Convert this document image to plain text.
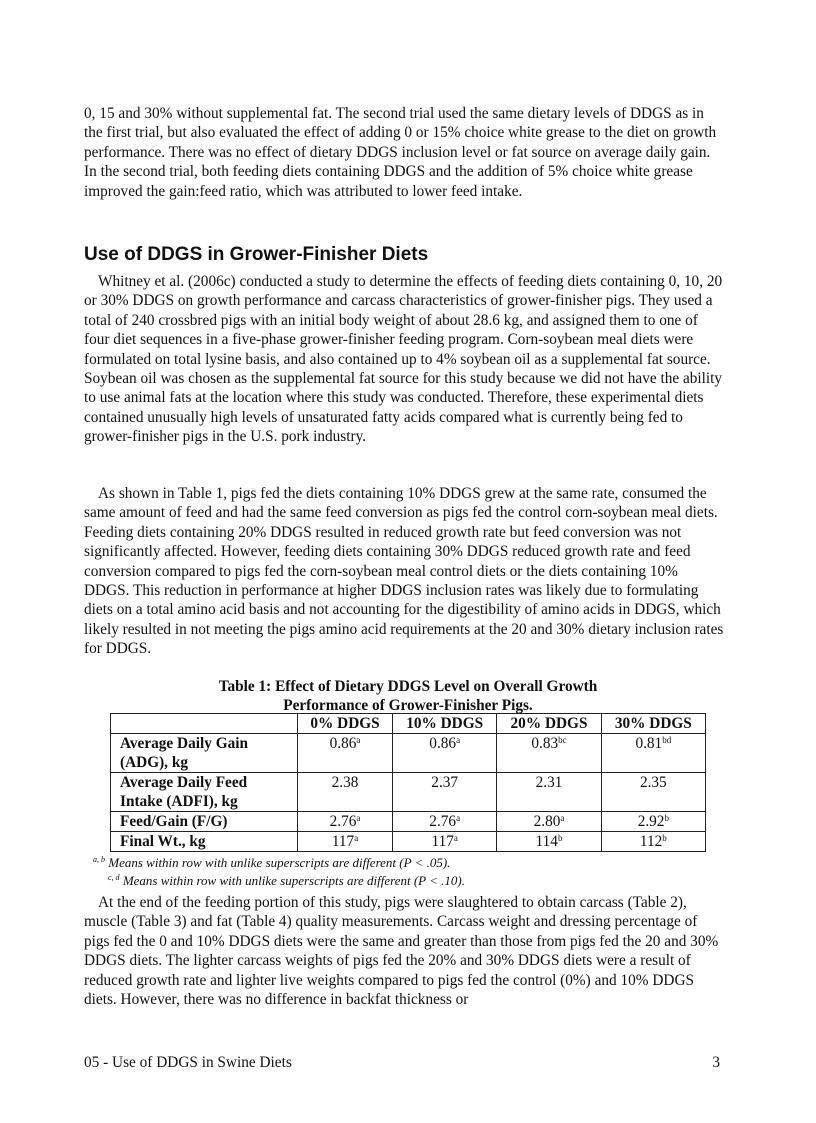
0, 15 and 30% without supplemental fat. The second trial used the same dietary levels of DDGS as in the first trial, but also evaluated the effect of adding 0 or 15% choice white grease to the diet on growth performance. There was no effect of dietary DDGS inclusion level or fat source on average daily gain. In the second trial, both feeding diets containing DDGS and the addition of 5% choice white grease improved the gain:feed ratio, which was attributed to lower feed intake.

Use of DDGS in Grower-Finisher Diets

Whitney et al. (2006c) conducted a study to determine the effects of feeding diets containing 0, 10, 20 or 30% DDGS on growth performance and carcass characteristics of grower-finisher pigs. They used a total of 240 crossbred pigs with an initial body weight of about 28.6 kg, and assigned them to one of four diet sequences in a five-phase grower-finisher feeding program. Corn-soybean meal diets were formulated on total lysine basis, and also contained up to 4% soybean oil as a supplemental fat source. Soybean oil was chosen as the supplemental fat source for this study because we did not have the ability to use animal fats at the location where this study was conducted. Therefore, these experimental diets contained unusually high levels of unsaturated fatty acids compared what is currently being fed to grower-finisher pigs in the U.S. pork industry.

As shown in Table 1, pigs fed the diets containing 10% DDGS grew at the same rate, consumed the same amount of feed and had the same feed conversion as pigs fed the control corn-soybean meal diets. Feeding diets containing 20% DDGS resulted in reduced growth rate but feed conversion was not significantly affected. However, feeding diets containing 30% DDGS reduced growth rate and feed conversion compared to pigs fed the corn-soybean meal control diets or the diets containing 10% DDGS. This reduction in performance at higher DDGS inclusion rates was likely due to formulating diets on a total amino acid basis and not accounting for the digestibility of amino acids in DDGS, which likely resulted in not meeting the pigs amino acid requirements at the 20 and 30% dietary inclusion rates for DDGS.

Table 1: Effect of Dietary DDGS Level on Overall Growth
Performance of Grower-Finisher Pigs.
	0% DDGS	10% DDGS	20% DDGS	30% DDGS
Average Daily Gain (ADG), kg	0.86$^a$	0.86$^a$	0.83$^{bc}$	0.81$^{bd}$
Average Daily Feed Intake (ADFI), kg	2.38	2.37	2.31	2.35
Feed/Gain (F/G)	2.76$^a$	2.76$^a$	2.80$^a$	2.92$^b$
Final Wt., kg	117$^a$	117$^a$	114$^b$	112$^b$
$^{a, b}$ Means within row with unlike superscripts are different (P < .05).
$^{c, d}$ Means within row with unlike superscripts are different (P < .10).

At the end of the feeding portion of this study, pigs were slaughtered to obtain carcass (Table 2), muscle (Table 3) and fat (Table 4) quality measurements. Carcass weight and dressing percentage of pigs fed the 0 and 10% DDGS diets were the same and greater than those from pigs fed the 20 and 30% DDGS diets. The lighter carcass weights of pigs fed the 20% and 30% DDGS diets were a result of reduced growth rate and lighter live weights compared to pigs fed the control (0%) and 10% DDGS diets. However, there was no difference in backfat thickness or

05 - Use of DDGS in Swine Diets	3
